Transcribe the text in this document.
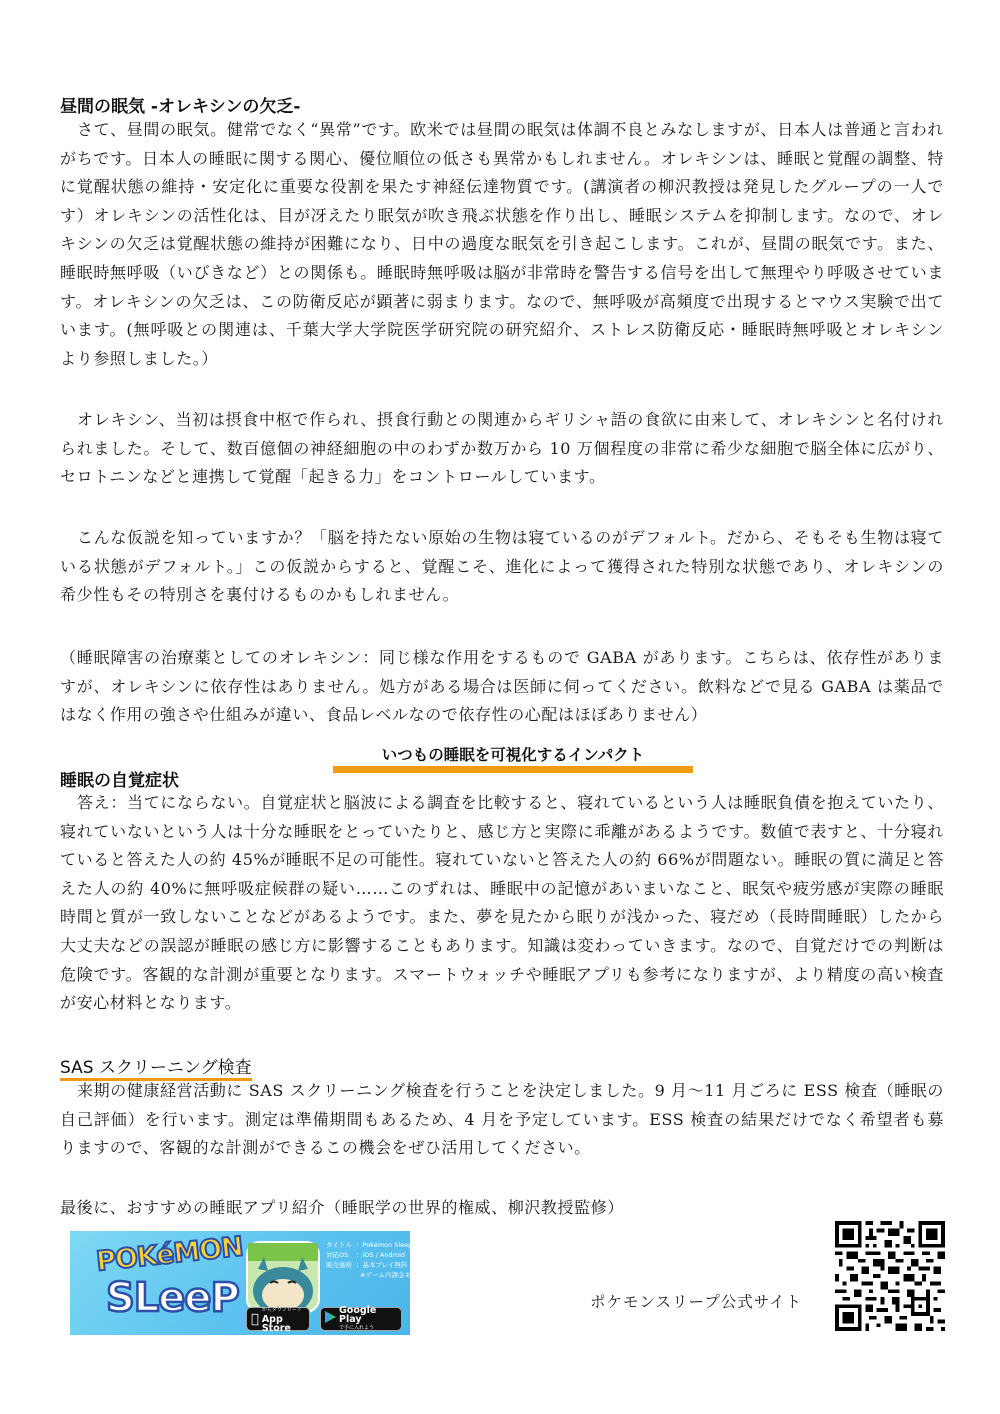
昼間の眠気 -オレキシンの欠乏-

さて、昼間の眠気。健常でなく“異常”です。欧米では昼間の眠気は体調不良とみなしますが、日本人は普通と言われがちです。日本人の睡眠に関する関心、優位順位の低さも異常かもしれません。オレキシンは、睡眠と覚醒の調整、特に覚醒状態の維持・安定化に重要な役割を果たす神経伝達物質です。(講演者の柳沢教授は発見したグループの一人です）オレキシンの活性化は、目が冴えたり眠気が吹き飛ぶ状態を作り出し、睡眠システムを抑制します。なので、オレキシンの欠乏は覚醒状態の維持が困難になり、日中の過度な眠気を引き起こします。これが、昼間の眠気です。また、睡眠時無呼吸（いびきなど）との関係も。睡眠時無呼吸は脳が非常時を警告する信号を出して無理やり呼吸させています。オレキシンの欠乏は、この防衛反応が顕著に弱まります。なので、無呼吸が高頻度で出現するとマウス実験で出ています。(無呼吸との関連は、千葉大学大学院医学研究院の研究紹介、ストレス防衛反応・睡眠時無呼吸とオレキシンより参照しました。）

オレキシン、当初は摂食中枢で作られ、摂食行動との関連からギリシャ語の食欲に由来して、オレキシンと名付けれられました。そして、数百億個の神経細胞の中のわずか数万から 10 万個程度の非常に希少な細胞で脳全体に広がり、セロトニンなどと連携して覚醒「起きる力」をコントロールしています。

こんな仮説を知っていますか？「脳を持たない原始の生物は寝ているのがデフォルト。だから、そもそも生物は寝ている状態がデフォルト。」この仮説からすると、覚醒こそ、進化によって獲得された特別な状態であり、オレキシンの希少性もその特別さを裏付けるものかもしれません。

（睡眠障害の治療薬としてのオレキシン：同じ様な作用をするもので GABA があります。こちらは、依存性がありますが、オレキシンに依存性はありません。処方がある場合は医師に伺ってください。飲料などで見る GABA は薬品ではなく作用の強さや仕組みが違い、食品レベルなので依存性の心配はほぼありません）

いつもの睡眠を可視化するインパクト
睡眠の自覚症状

答え：当てにならない。自覚症状と脳波による調査を比較すると、寝れているという人は睡眠負債を抱えていたり、寝れていないという人は十分な睡眠をとっていたりと、感じ方と実際に乖離があるようです。数値で表すと、十分寝れていると答えた人の約 45%が睡眠不足の可能性。寝れていないと答えた人の約 66%が問題ない。睡眠の質に満足と答えた人の約 40%に無呼吸症候群の疑い……このずれは、睡眠中の記憶があいまいなこと、眠気や疲労感が実際の睡眠時間と質が一致しないことなどがあるようです。また、夢を見たから眠りが浅かった、寝だめ（長時間睡眠）したから大丈夫などの誤認が睡眠の感じ方に影響することもあります。知識は変わっていきます。なので、自覚だけでの判断は危険です。客観的な計測が重要となります。スマートウォッチや睡眠アプリも参考になりますが、より精度の高い検査が安心材料となります。

SAS スクリーニング検査

来期の健康経営活動に SAS スクリーニング検査を行うことを決定しました。9 月〜11 月ごろに ESS 検査（睡眠の自己評価）を行います。測定は準備期間もあるため、4 月を予定しています。ESS 検査の結果だけでなく希望者も募りますので、客観的な計測ができるこの機会をぜひ活用してください。

最後に、おすすめの睡眠アプリ紹介（睡眠学の世界的権威、柳沢教授監修）

POKéMON
SLeeP
タイトル ：Pokémon Sleep
対応OS ：iOS / Android
販売価格 ：基本プレイ無料
※ゲーム内課金あり
からダウンロード
App Store
Google Play
で手に入れよう
ポケモンスリープ公式サイト
